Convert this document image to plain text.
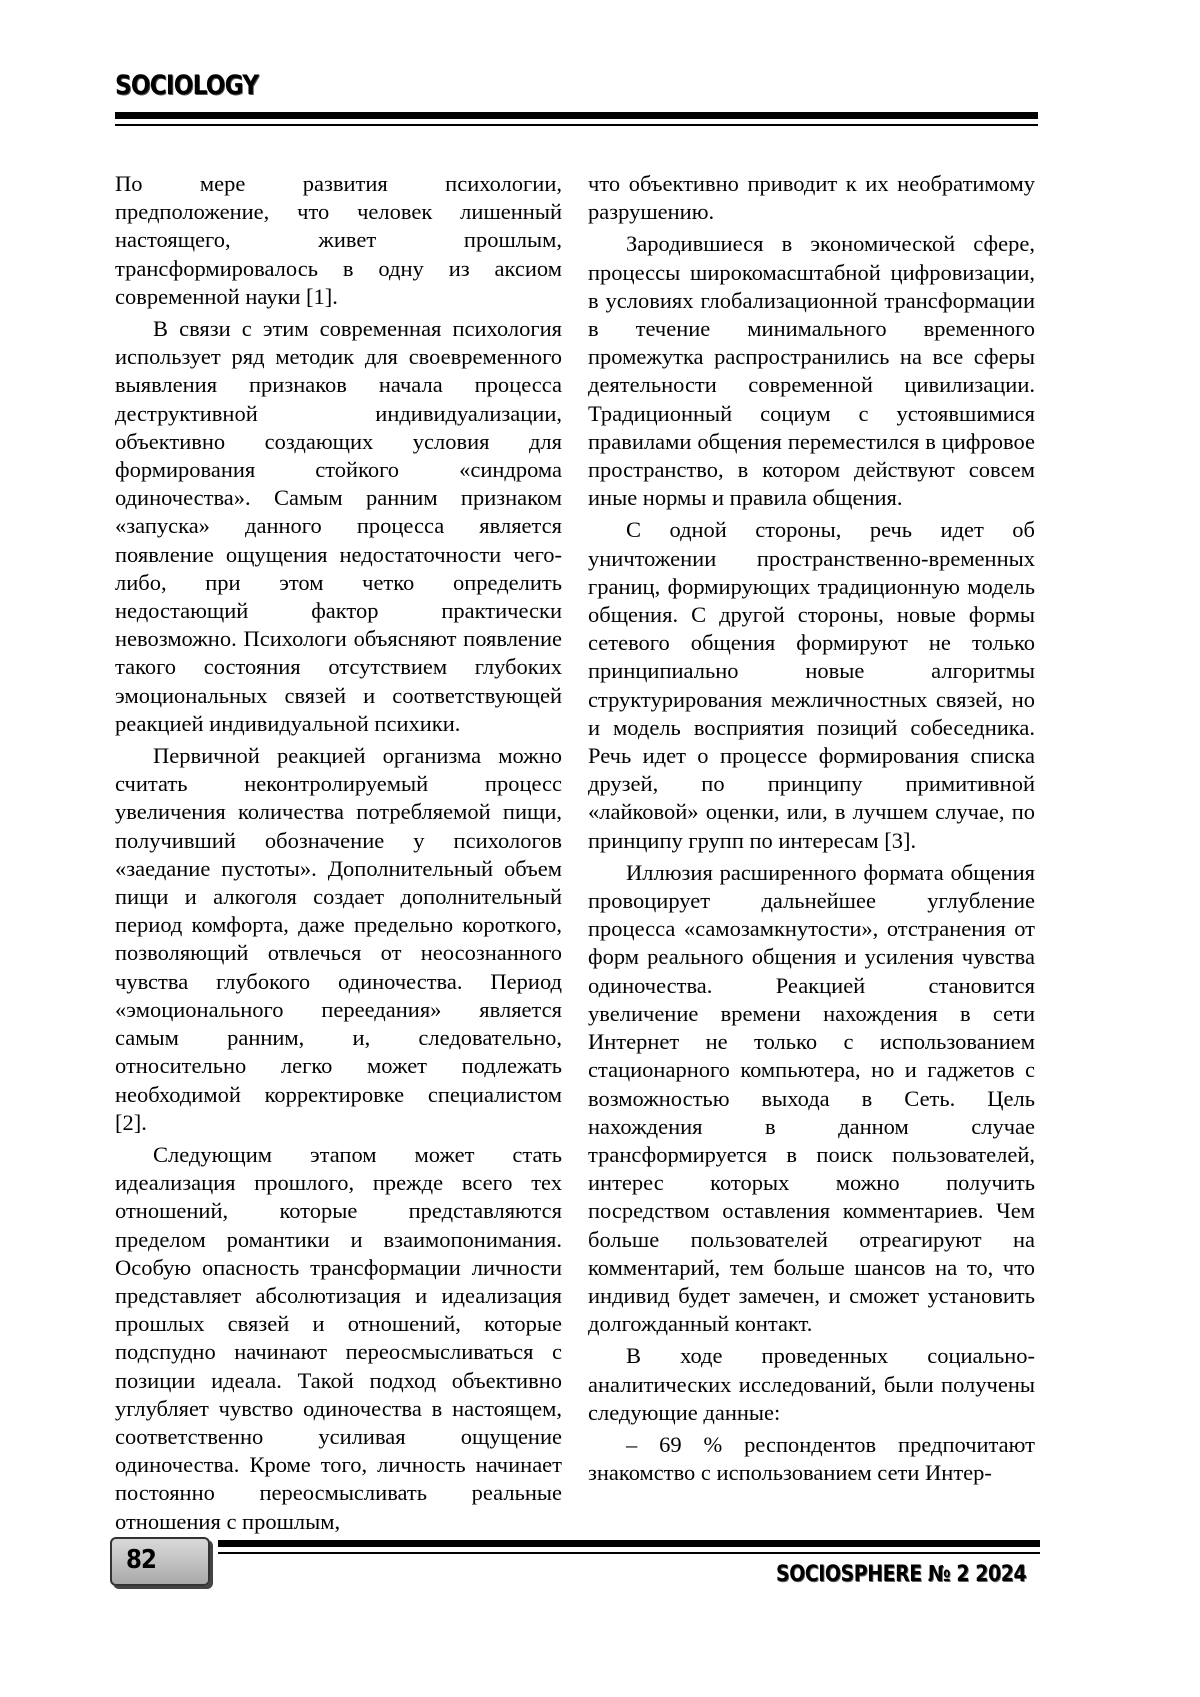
SOCIOLOGY

По мере развития психологии, предположение, что человек лишенный настоящего, живет прошлым, трансформировалось в одну из аксиом современной науки [1].

В связи с этим современная психология использует ряд методик для своевременного выявления признаков начала процесса деструктивной индивидуализации, объективно создающих условия для формирования стойкого «синдрома одиночества». Самым ранним признаком «запуска» данного процесса является появление ощущения недостаточности чего-либо, при этом четко определить недостающий фактор практически невозможно. Психологи объясняют появление такого состояния отсутствием глубоких эмоциональных связей и соответствующей реакцией индивидуальной психики.

Первичной реакцией организма можно считать неконтролируемый процесс увеличения количества потребляемой пищи, получивший обозначение у психологов «заедание пустоты». Дополнительный объем пищи и алкоголя создает дополнительный период комфорта, даже предельно короткого, позволяющий отвлечься от неосознанного чувства глубокого одиночества. Период «эмоционального переедания» является самым ранним, и, следовательно, относительно легко может подлежать необходимой корректировке специалистом [2].

Следующим этапом может стать идеализация прошлого, прежде всего тех отношений, которые представляются пределом романтики и взаимопонимания. Особую опасность трансформации личности представляет абсолютизация и идеализация прошлых связей и отношений, которые подспудно начинают переосмысливаться с позиции идеала. Такой подход объективно углубляет чувство одиночества в настоящем, соответственно усиливая ощущение одиночества. Кроме того, личность начинает постоянно переосмысливать реальные отношения с прошлым,

что объективно приводит к их необратимому разрушению.

Зародившиеся в экономической сфере, процессы широкомасштабной цифровизации, в условиях глобализационной трансформации в течение минимального временного промежутка распространились на все сферы деятельности современной цивилизации. Традиционный социум с устоявшимися правилами общения переместился в цифровое пространство, в котором действуют совсем иные нормы и правила общения.

С одной стороны, речь идет об уничтожении пространственно-временных границ, формирующих традиционную модель общения. С другой стороны, новые формы сетевого общения формируют не только принципиально новые алгоритмы структурирования межличностных связей, но и модель восприятия позиций собеседника. Речь идет о процессе формирования списка друзей, по принципу примитивной «лайковой» оценки, или, в лучшем случае, по принципу групп по интересам [3].

Иллюзия расширенного формата общения провоцирует дальнейшее углубление процесса «самозамкнутости», отстранения от форм реального общения и усиления чувства одиночества. Реакцией становится увеличение времени нахождения в сети Интернет не только с использованием стационарного компьютера, но и гаджетов с возможностью выхода в Сеть. Цель нахождения в данном случае трансформируется в поиск пользователей, интерес которых можно получить посредством оставления комментариев. Чем больше пользователей отреагируют на комментарий, тем больше шансов на то, что индивид будет замечен, и сможет установить долгожданный контакт.

В ходе проведенных социально-аналитических исследований, были получены следующие данные:

– 69 % респондентов предпочитают знакомство с использованием сети Интер-

82	SOCIOSPHERE № 2 2024
